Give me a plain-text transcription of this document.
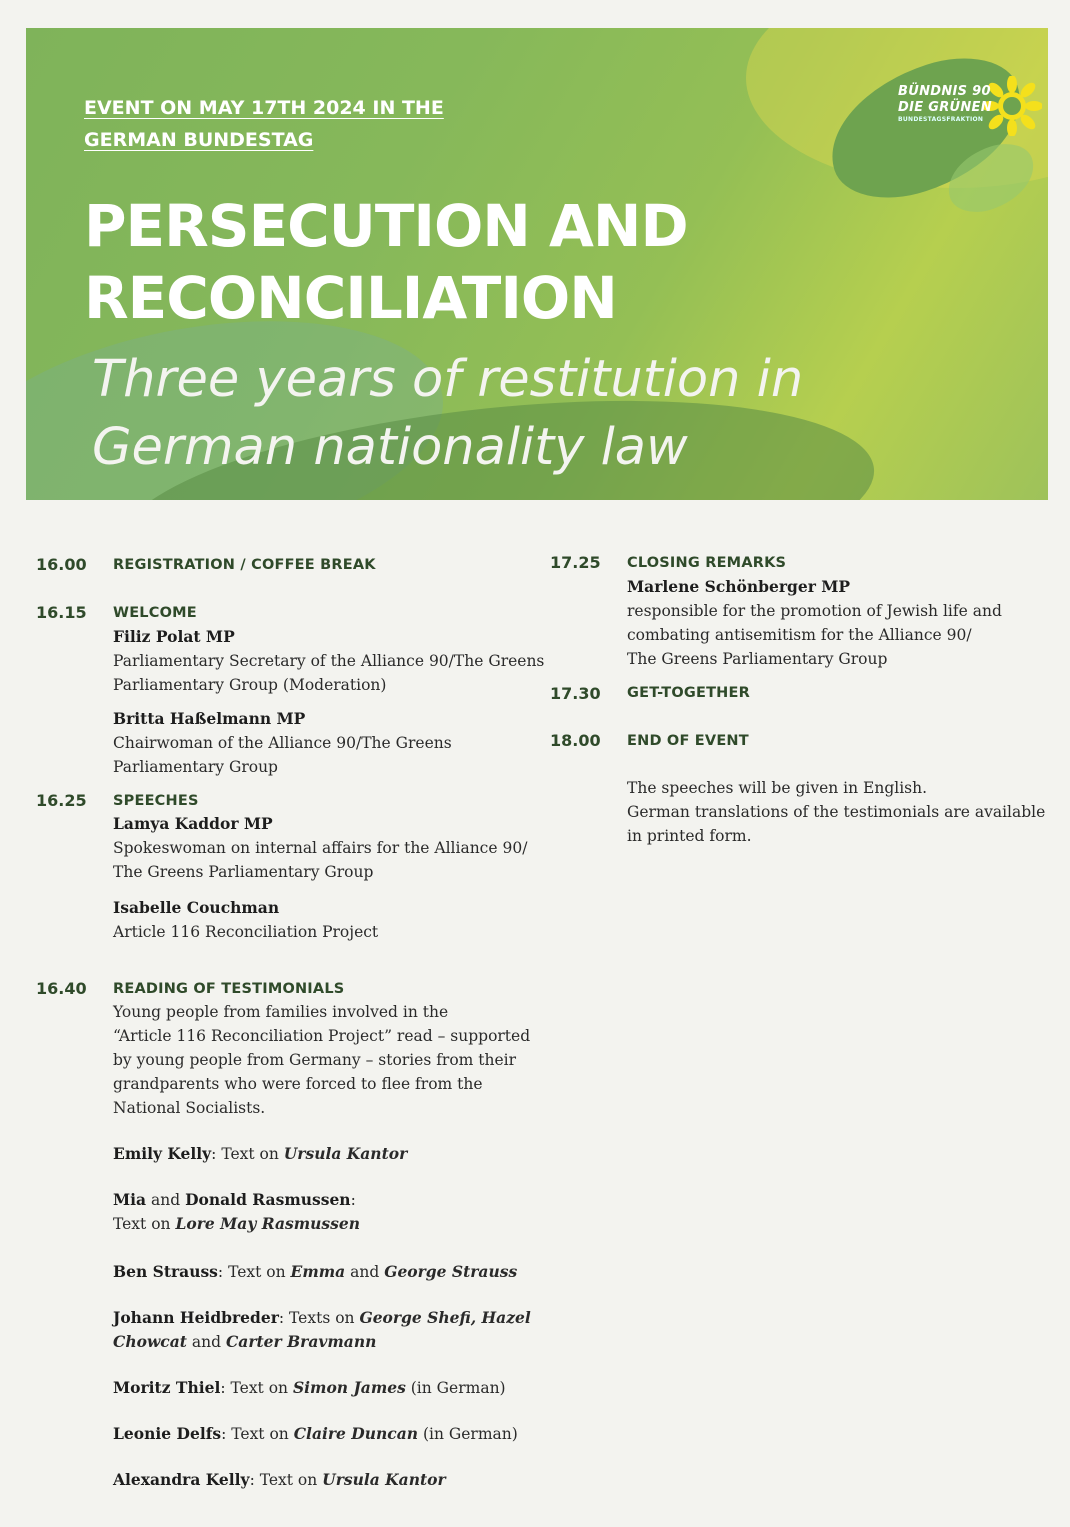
BÜNDNIS 90
DIE GRÜNEN
BUNDESTAGSFRAKTION
EVENT ON MAY 17TH 2024 IN THE
GERMAN BUNDESTAG
PERSECUTION AND
RECONCILIATION
Three years of restitution in
German nationality law
16.00 REGISTRATION / COFFEE BREAK
16.15 WELCOME
Filiz Polat MP
Parliamentary Secretary of the Alliance 90/The Greens
Parliamentary Group (Moderation)
Britta Haßelmann MP
Chairwoman of the Alliance 90/The Greens
Parliamentary Group
16.25 SPEECHES
Lamya Kaddor MP
Spokeswoman on internal affairs for the Alliance 90/
The Greens Parliamentary Group
Isabelle Couchman
Article 116 Reconciliation Project
16.40 READING OF TESTIMONIALS
Young people from families involved in the
“Article 116 Reconciliation Project” read – supported
by young people from Germany – stories from their
grandparents who were forced to flee from the
National Socialists.
Emily Kelly: Text on Ursula Kantor
Mia and Donald Rasmussen:
Text on Lore May Rasmussen
Ben Strauss: Text on Emma and George Strauss
Johann Heidbreder: Texts on George Shefi, Hazel
Chowcat and Carter Bravmann
Moritz Thiel: Text on Simon James (in German)
Leonie Delfs: Text on Claire Duncan (in German)
Alexandra Kelly: Text on Ursula Kantor
17.25 CLOSING REMARKS
Marlene Schönberger MP
responsible for the promotion of Jewish life and
combating antisemitism for the Alliance 90/
The Greens Parliamentary Group
17.30 GET-TOGETHER
18.00 END OF EVENT
The speeches will be given in English.
German translations of the testimonials are available
in printed form.
